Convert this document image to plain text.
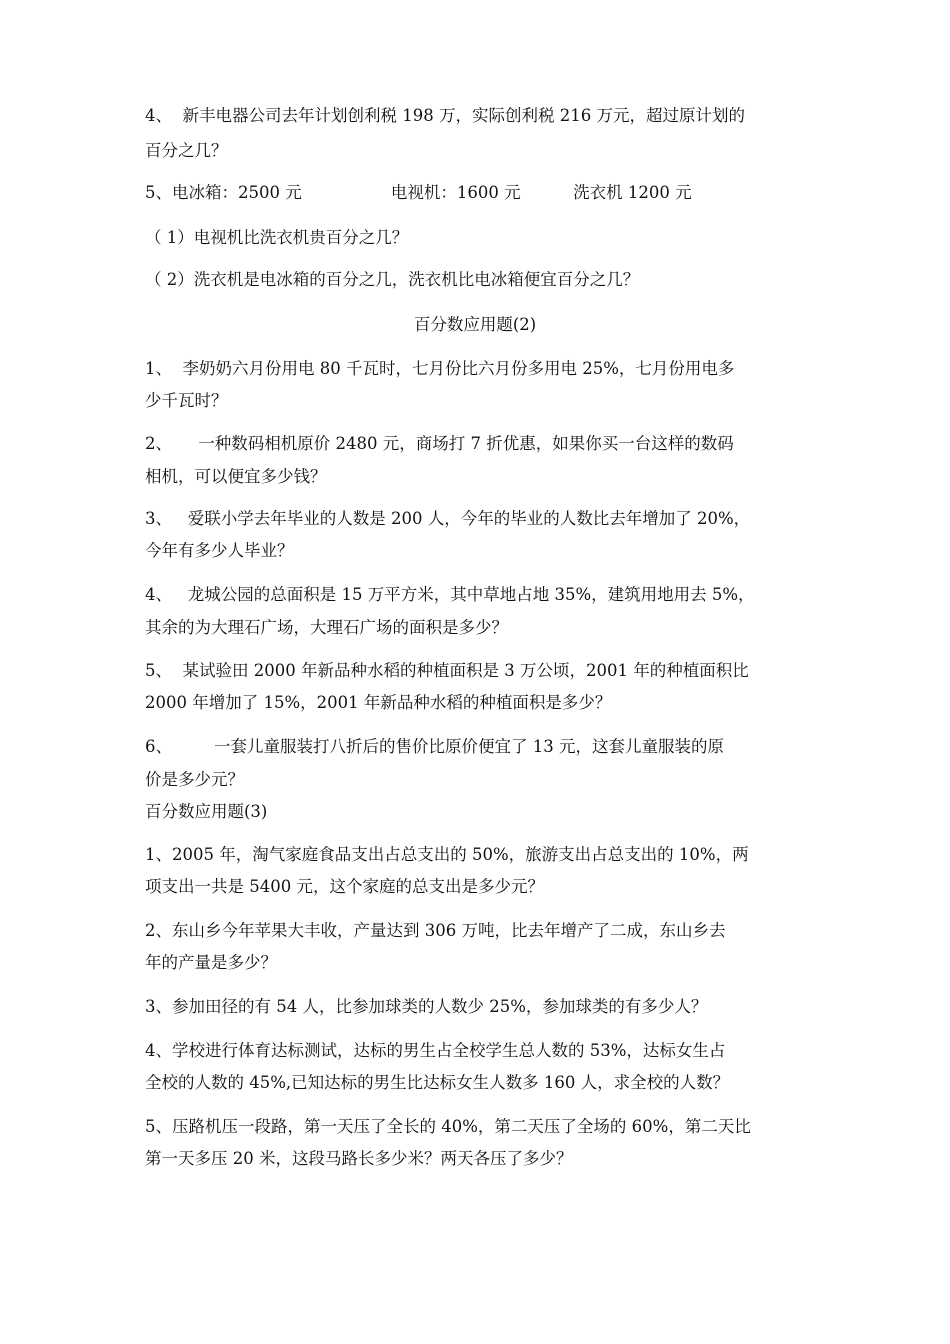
4、  新丰电器公司去年计划创利税 198 万，实际创利税 216 万元，超过原计划的
百分之几？
5、电冰箱：2500 元                 电视机：1600 元          洗衣机 1200 元
（ 1）电视机比洗衣机贵百分之几？
（ 2）洗衣机是电冰箱的百分之几，洗衣机比电冰箱便宜百分之几？
百分数应用题(2)
1、  李奶奶六月份用电 80 千瓦时，七月份比六月份多用电 25%，七月份用电多
少千瓦时？
2、     一种数码相机原价 2480 元，商场打 7 折优惠，如果你买一台这样的数码
相机，可以便宜多少钱？
3、   爱联小学去年毕业的人数是 200 人，今年的毕业的人数比去年增加了 20%，
今年有多少人毕业？
4、   龙城公园的总面积是 15 万平方米，其中草地占地 35%，建筑用地用去 5%，
其余的为大理石广场，大理石广场的面积是多少？
5、  某试验田 2000 年新品种水稻的种植面积是 3 万公顷，2001 年的种植面积比
2000 年增加了 15%，2001 年新品种水稻的种植面积是多少？
6、        一套儿童服装打八折后的售价比原价便宜了 13 元，这套儿童服装的原
价是多少元？
百分数应用题(3)
1、2005 年，淘气家庭食品支出占总支出的 50%，旅游支出占总支出的 10%，两
项支出一共是 5400 元，这个家庭的总支出是多少元？
2、东山乡今年苹果大丰收，产量达到 306 万吨，比去年增产了二成，东山乡去
年的产量是多少？
3、参加田径的有 54 人，比参加球类的人数少 25%，参加球类的有多少人？
4、学校进行体育达标测试，达标的男生占全校学生总人数的 53%，达标女生占
全校的人数的 45%,已知达标的男生比达标女生人数多 160 人，求全校的人数？
5、压路机压一段路，第一天压了全长的 40%，第二天压了全场的 60%，第二天比
第一天多压 20 米，这段马路长多少米？两天各压了多少？
